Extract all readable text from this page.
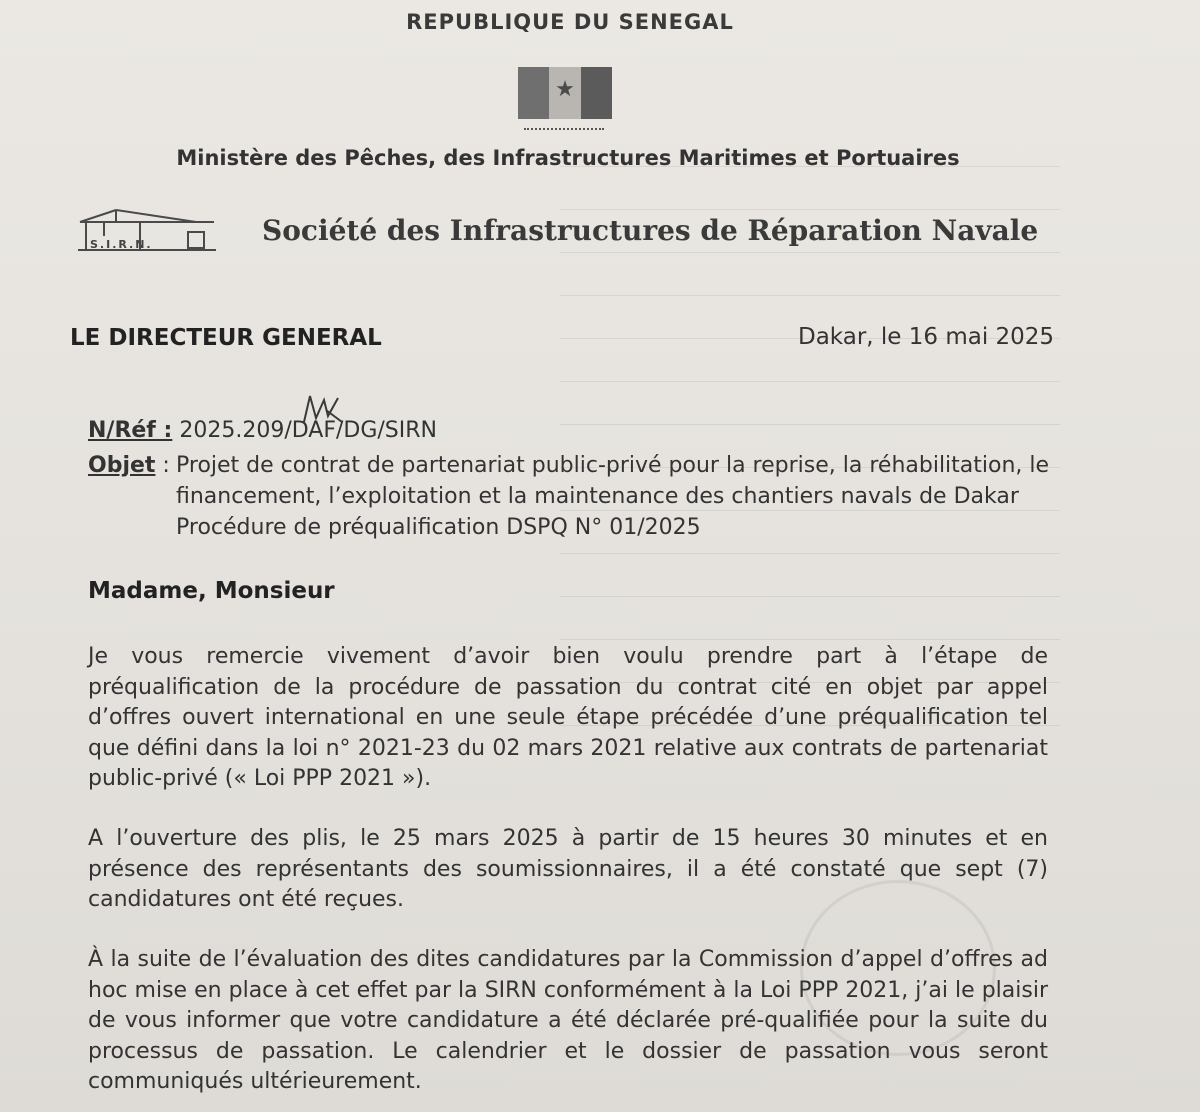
REPUBLIQUE DU SENEGAL
★
Ministère des Pêches, des Infrastructures Maritimes et Portuaires
S.I.R.N.	Société des Infrastructures de Réparation Navale
LE DIRECTEUR GENERAL	Dakar, le 16 mai 2025
N/Réf : 2025.209/DAF/DG/SIRN
Objet : Projet de contrat de partenariat public-privé pour la reprise, la réhabilitation, le financement, l’exploitation et la maintenance des chantiers navals de Dakar
Procédure de préqualification DSPQ N° 01/2025
Madame, Monsieur

Je vous remercie vivement d’avoir bien voulu prendre part à l’étape de préqualification de la procédure de passation du contrat cité en objet par appel d’offres ouvert international en une seule étape précédée d’une préqualification tel que défini dans la loi n° 2021-23 du 02 mars 2021 relative aux contrats de partenariat public-privé (« Loi PPP 2021 »).

A l’ouverture des plis, le 25 mars 2025 à partir de 15 heures 30 minutes et en présence des représentants des soumissionnaires, il a été constaté que sept (7) candidatures ont été reçues.

À la suite de l’évaluation des dites candidatures par la Commission d’appel d’offres ad hoc mise en place à cet effet par la SIRN conformément à la Loi PPP 2021, j’ai le plaisir de vous informer que votre candidature a été déclarée pré-qualifiée pour la suite du processus de passation. Le calendrier et le dossier de passation vous seront communiqués ultérieurement.
